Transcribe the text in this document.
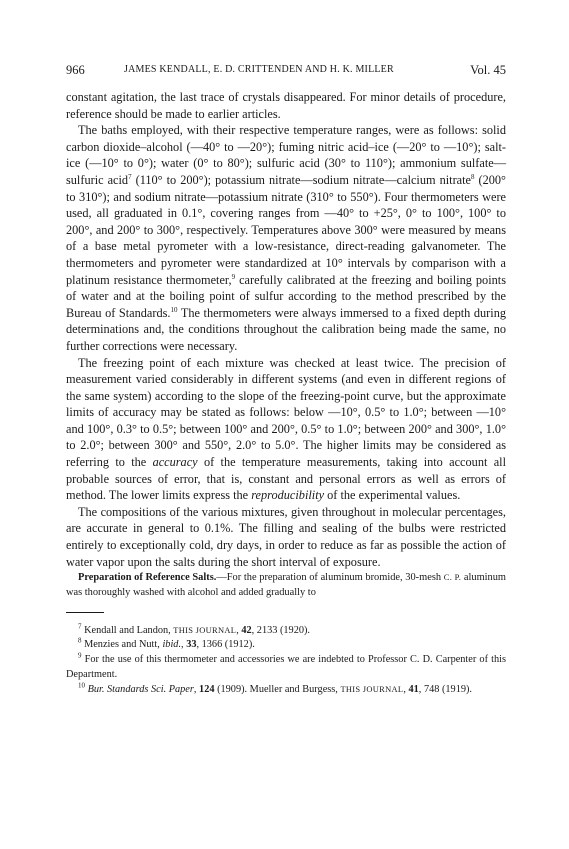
966	JAMES KENDALL, E. D. CRITTENDEN AND H. K. MILLER	Vol. 45

constant agitation, the last trace of crystals disappeared. For minor details of procedure, reference should be made to earlier articles.

The baths employed, with their respective temperature ranges, were as follows: solid carbon dioxide–alcohol (—40° to —20°); fuming nitric acid–ice (—20° to —10°); salt-ice (—10° to 0°); water (0° to 80°); sulfuric acid (30° to 110°); ammonium sulfate—sulfuric acid$^7$ (110° to 200°); potassium nitrate—sodium nitrate—calcium nitrate$^8$ (200° to 310°); and sodium nitrate—potassium nitrate (310° to 550°). Four thermometers were used, all graduated in 0.1°, covering ranges from —40° to +25°, 0° to 100°, 100° to 200°, and 200° to 300°, respectively. Temperatures above 300° were measured by means of a base metal pyrometer with a low-resistance, direct-reading galvanometer. The thermometers and pyrometer were standardized at 10° intervals by comparison with a platinum resistance thermometer,$^9$ carefully calibrated at the freezing and boiling points of water and at the boiling point of sulfur according to the method prescribed by the Bureau of Standards.$^{10}$ The thermometers were always immersed to a fixed depth during determinations and, the conditions throughout the calibration being made the same, no further corrections were necessary.

The freezing point of each mixture was checked at least twice. The precision of measurement varied considerably in different systems (and even in different regions of the same system) according to the slope of the freezing-point curve, but the approximate limits of accuracy may be stated as follows: below —10°, 0.5° to 1.0°; between —10° and 100°, 0.3° to 0.5°; between 100° and 200°, 0.5° to 1.0°; between 200° and 300°, 1.0° to 2.0°; between 300° and 550°, 2.0° to 5.0°. The higher limits may be considered as referring to the accuracy of the temperature measurements, taking into account all probable sources of error, that is, constant and personal errors as well as errors of method. The lower limits express the reproducibility of the experimental values.

The compositions of the various mixtures, given throughout in molecular percentages, are accurate in general to 0.1%. The filling and sealing of the bulbs were restricted entirely to exceptionally cold, dry days, in order to reduce as far as possible the action of water vapor upon the salts during the short interval of exposure.

Preparation of Reference Salts.—For the preparation of aluminum bromide, 30-mesh C. P. aluminum was thoroughly washed with alcohol and added gradually to

$^7$ Kendall and Landon, THIS JOURNAL, 42, 2133 (1920).

$^8$ Menzies and Nutt, ibid., 33, 1366 (1912).

$^9$ For the use of this thermometer and accessories we are indebted to Professor C. D. Carpenter of this Department.

$^{10}$ Bur. Standards Sci. Paper, 124 (1909). Mueller and Burgess, THIS JOURNAL, 41, 748 (1919).
